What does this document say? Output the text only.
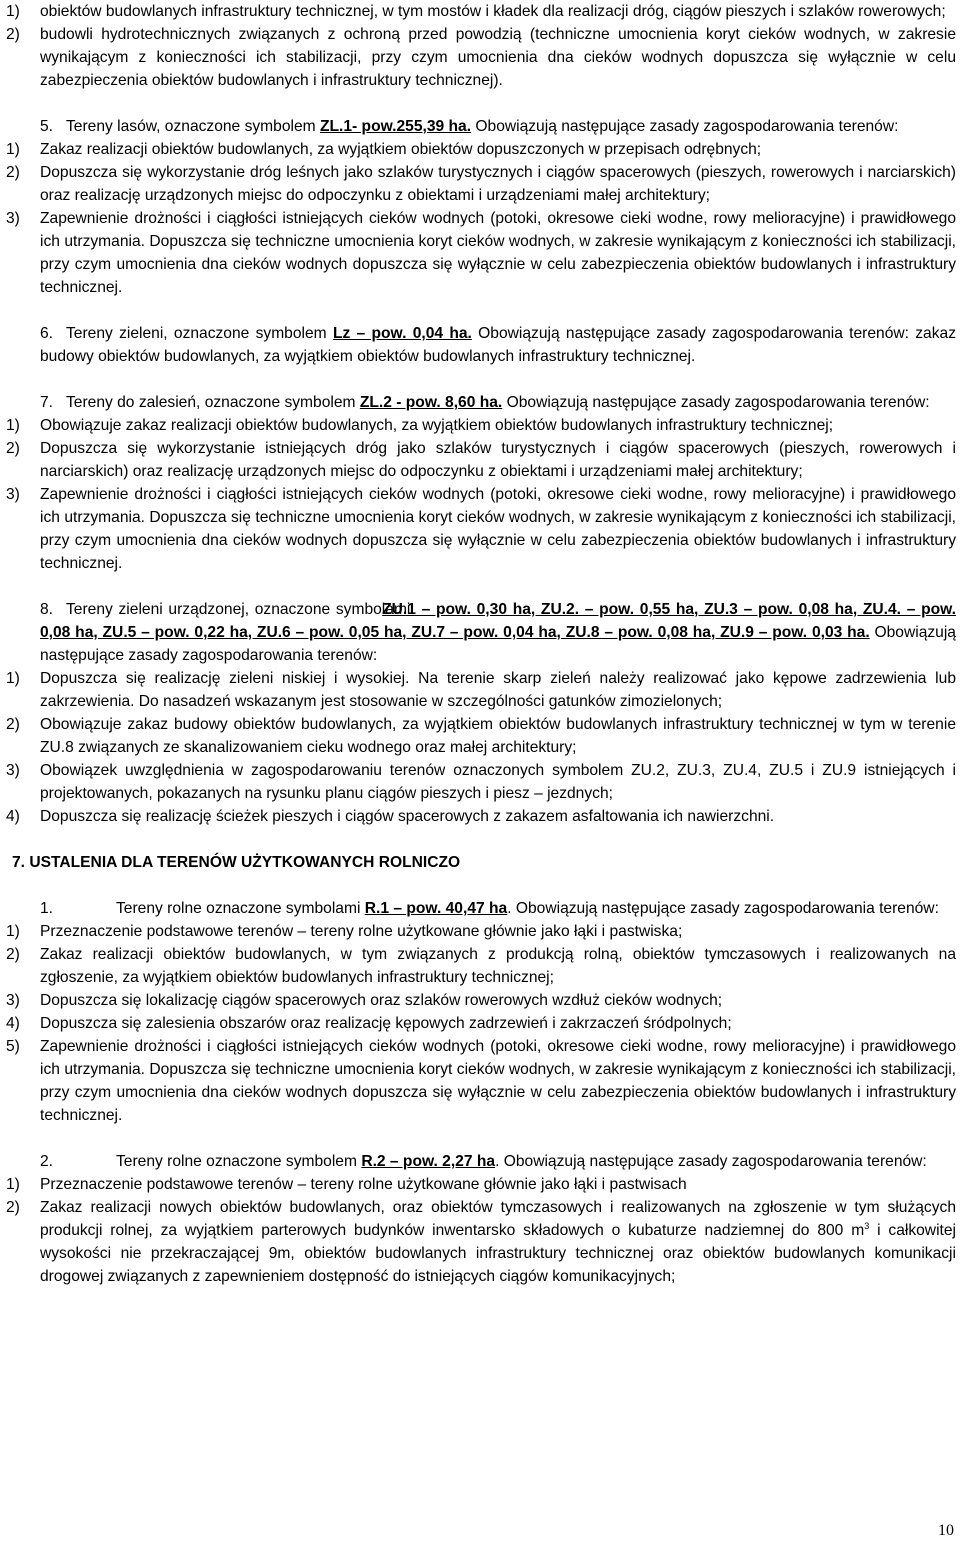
1) obiektów budowlanych infrastruktury technicznej, w tym mostów i kładek dla realizacji dróg, ciągów pieszych i szlaków rowerowych;
2) budowli hydrotechnicznych związanych z ochroną przed powodzią (techniczne umocnienia koryt cieków wodnych, w zakresie wynikającym z konieczności ich stabilizacji, przy czym umocnienia dna cieków wodnych dopuszcza się wyłącznie w celu zabezpieczenia obiektów budowlanych i infrastruktury technicznej).
5. Tereny lasów, oznaczone symbolem ZL.1- pow.255,39 ha. Obowiązują następujące zasady zagospodarowania terenów:
1) Zakaz realizacji obiektów budowlanych, za wyjątkiem obiektów dopuszczonych w przepisach odrębnych;
2) Dopuszcza się wykorzystanie dróg leśnych jako szlaków turystycznych i ciągów spacerowych (pieszych, rowerowych i narciarskich) oraz realizację urządzonych miejsc do odpoczynku z obiektami i urządzeniami małej architektury;
3) Zapewnienie drożności i ciągłości istniejących cieków wodnych (potoki, okresowe cieki wodne, rowy melioracyjne) i prawidłowego ich utrzymania. Dopuszcza się techniczne umocnienia koryt cieków wodnych, w zakresie wynikającym z konieczności ich stabilizacji, przy czym umocnienia dna cieków wodnych dopuszcza się wyłącznie w celu zabezpieczenia obiektów budowlanych i infrastruktury technicznej.
6. Tereny zieleni, oznaczone symbolem Lz – pow. 0,04 ha. Obowiązują następujące zasady zagospodarowania terenów: zakaz budowy obiektów budowlanych, za wyjątkiem obiektów budowlanych infrastruktury technicznej.
7. Tereny do zalesień, oznaczone symbolem ZL.2 - pow. 8,60 ha. Obowiązują następujące zasady zagospodarowania terenów:
1) Obowiązuje zakaz realizacji obiektów budowlanych, za wyjątkiem obiektów budowlanych infrastruktury technicznej;
2) Dopuszcza się wykorzystanie istniejących dróg jako szlaków turystycznych i ciągów spacerowych (pieszych, rowerowych i narciarskich) oraz realizację urządzonych miejsc do odpoczynku z obiektami i urządzeniami małej architektury;
3) Zapewnienie drożności i ciągłości istniejących cieków wodnych (potoki, okresowe cieki wodne, rowy melioracyjne) i prawidłowego ich utrzymania. Dopuszcza się techniczne umocnienia koryt cieków wodnych, w zakresie wynikającym z konieczności ich stabilizacji, przy czym umocnienia dna cieków wodnych dopuszcza się wyłącznie w celu zabezpieczenia obiektów budowlanych i infrastruktury technicznej.
8. Tereny zieleni urządzonej, oznaczone symbolami ZU.1 – pow. 0,30 ha, ZU.2. – pow. 0,55 ha, ZU.3 – pow. 0,08 ha, ZU.4. – pow. 0,08 ha, ZU.5 – pow. 0,22 ha, ZU.6 – pow. 0,05 ha, ZU.7 – pow. 0,04 ha, ZU.8 – pow. 0,08 ha, ZU.9 – pow. 0,03 ha. Obowiązują następujące zasady zagospodarowania terenów:
1) Dopuszcza się realizację zieleni niskiej i wysokiej. Na terenie skarp zieleń należy realizować jako kępowe zadrzewienia lub zakrzewienia. Do nasadzeń wskazanym jest stosowanie w szczególności gatunków zimozielonych;
2) Obowiązuje zakaz budowy obiektów budowlanych, za wyjątkiem obiektów budowlanych infrastruktury technicznej w tym w terenie ZU.8 związanych ze skanalizowaniem cieku wodnego oraz małej architektury;
3) Obowiązek uwzględnienia w zagospodarowaniu terenów oznaczonych symbolem ZU.2, ZU.3, ZU.4, ZU.5 i ZU.9 istniejących i projektowanych, pokazanych na rysunku planu ciągów pieszych i piesz – jezdnych;
4) Dopuszcza się realizację ścieżek pieszych i ciągów spacerowych z zakazem asfaltowania ich nawierzchni.
7. USTALENIA DLA TERENÓW UŻYTKOWANYCH ROLNICZO
1.	Tereny rolne oznaczone symbolami R.1 – pow. 40,47 ha. Obowiązują następujące zasady zagospodarowania terenów:
1) Przeznaczenie podstawowe terenów – tereny rolne użytkowane głównie jako łąki i pastwiska;
2) Zakaz realizacji obiektów budowlanych, w tym związanych z produkcją rolną, obiektów tymczasowych i realizowanych na zgłoszenie, za wyjątkiem obiektów budowlanych infrastruktury technicznej;
3) Dopuszcza się lokalizację ciągów spacerowych oraz szlaków rowerowych wzdłuż cieków wodnych;
4) Dopuszcza się zalesienia obszarów oraz realizację kępowych zadrzewień i zakrzaczeń śródpolnych;
5) Zapewnienie drożności i ciągłości istniejących cieków wodnych (potoki, okresowe cieki wodne, rowy melioracyjne) i prawidłowego ich utrzymania. Dopuszcza się techniczne umocnienia koryt cieków wodnych, w zakresie wynikającym z konieczności ich stabilizacji, przy czym umocnienia dna cieków wodnych dopuszcza się wyłącznie w celu zabezpieczenia obiektów budowlanych i infrastruktury technicznej.
2.	Tereny rolne oznaczone symbolem R.2 – pow. 2,27 ha. Obowiązują następujące zasady zagospodarowania terenów:
1) Przeznaczenie podstawowe terenów – tereny rolne użytkowane głównie jako łąki i pastwisach
2) Zakaz realizacji nowych obiektów budowlanych, oraz obiektów tymczasowych i realizowanych na zgłoszenie w tym służących produkcji rolnej, za wyjątkiem parterowych budynków inwentarsko składowych o kubaturze nadziemnej do 800 $m^3$ i całkowitej wysokości nie przekraczającej 9m, obiektów budowlanych infrastruktury technicznej oraz obiektów budowlanych komunikacji drogowej związanych z zapewnieniem dostępność do istniejących ciągów komunikacyjnych;
10
